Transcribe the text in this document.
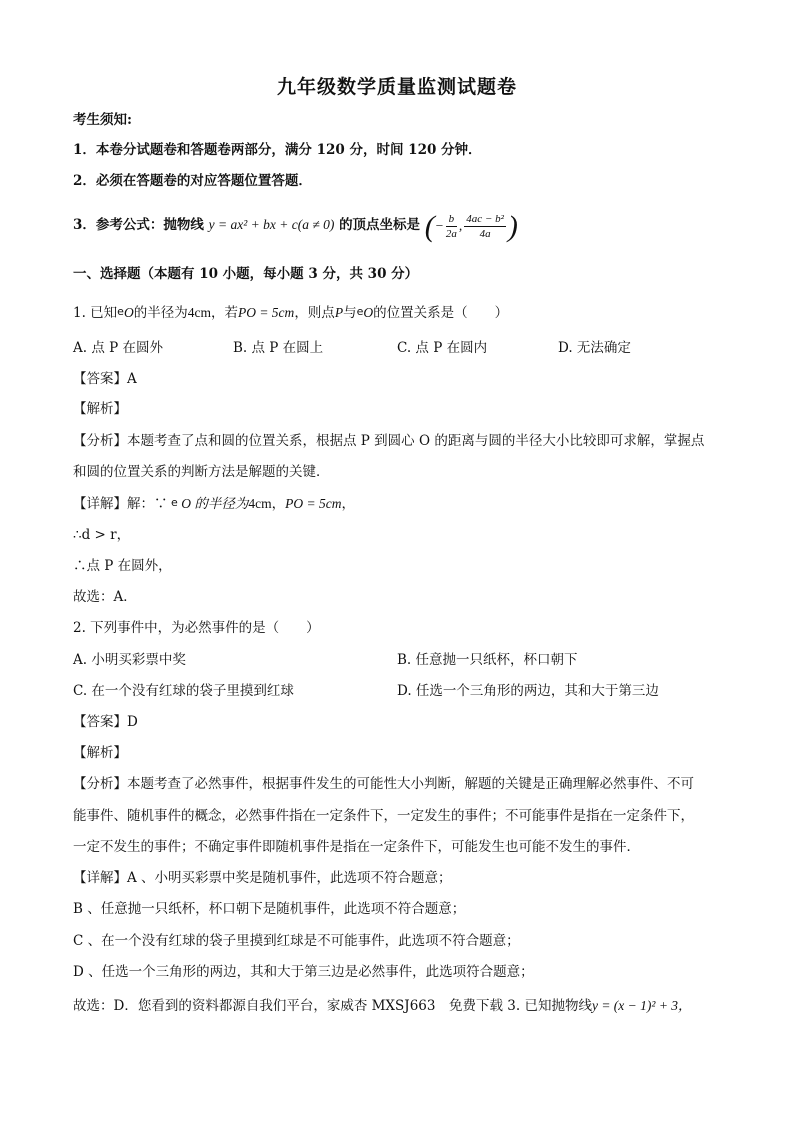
九年级数学质量监测试题卷
考生须知:
1．本卷分试题卷和答题卷两部分，满分 120 分，时间 120 分钟．
2．必须在答题卷的对应答题位置答题．
3．参考公式：抛物线 y = ax² + bx + c(a ≠ 0) 的顶点坐标是 (− $\frac{b}{2a}$ , $\frac{\text{4ac − b²}}{4a}$ )
一、选择题（本题有 10 小题，每小题 3 分，共 30 分）
1. 已知eO的半径为4cm，若PO = 5cm，则点P与eO的位置关系是（　　）
A. 点 P 在圆外	B. 点 P 在圆上	C. 点 P 在圆内	D. 无法确定
【答案】A
【解析】
【分析】本题考查了点和圆的位置关系，根据点 P 到圆心 O 的距离与圆的半径大小比较即可求解，掌握点
和圆的位置关系的判断方法是解题的关键．
【详解】解：∵ e O 的半径为4cm，PO = 5cm，
∴d > r，
∴点 P 在圆外，
故选：A．
2. 下列事件中，为必然事件的是（　　）
A. 小明买彩票中奖	B. 任意抛一只纸杯，杯口朝下
C. 在一个没有红球的袋子里摸到红球	D. 任选一个三角形的两边，其和大于第三边
【答案】D
【解析】
【分析】本题考查了必然事件，根据事件发生的可能性大小判断，解题的关键是正确理解必然事件、不可
能事件、随机事件的概念，必然事件指在一定条件下，一定发生的事件；不可能事件是指在一定条件下，
一定不发生的事件；不确定事件即随机事件是指在一定条件下，可能发生也可能不发生的事件．
【详解】A 、小明买彩票中奖是随机事件，此选项不符合题意；
B 、任意抛一只纸杯，杯口朝下是随机事件，此选项不符合题意；
C 、在一个没有红球的袋子里摸到红球是不可能事件，此选项不符合题意；
D 、任选一个三角形的两边，其和大于第三边是必然事件，此选项符合题意；
故选：D．您看到的资料都源自我们平台，家威杏 MXSJ663　免费下载 3. 已知抛物线y = (x − 1)² + 3，
